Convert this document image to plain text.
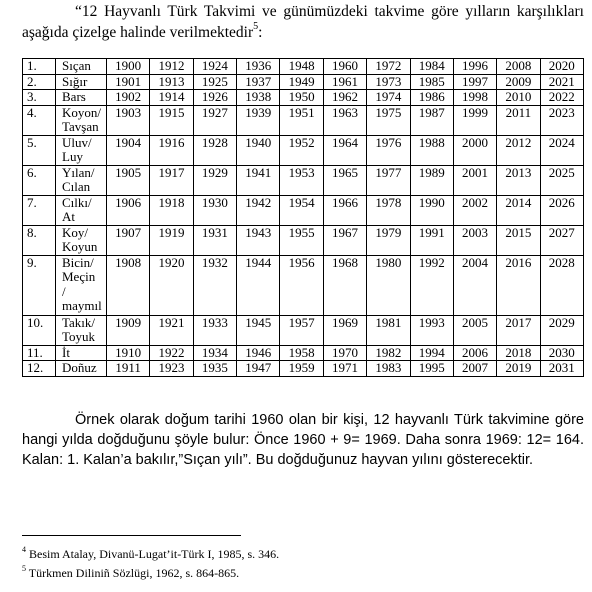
“12 Hayvanlı Türk Takvimi ve günümüzdeki takvime göre yılların karşılıkları aşağıda çizelge halinde verilmektedir$^5$:

1.	Sıçan	1900	1912	1924	1936	1948	1960	1972	1984	1996	2008	2020
2.	Sığır	1901	1913	1925	1937	1949	1961	1973	1985	1997	2009	2021
3.	Bars	1902	1914	1926	1938	1950	1962	1974	1986	1998	2010	2022
4.	Koyon/
Tavşan	1903	1915	1927	1939	1951	1963	1975	1987	1999	2011	2023
5.	Uluv/
Luy	1904	1916	1928	1940	1952	1964	1976	1988	2000	2012	2024
6.	Yılan/
Cılan	1905	1917	1929	1941	1953	1965	1977	1989	2001	2013	2025
7.	Cılkı/
At	1906	1918	1930	1942	1954	1966	1978	1990	2002	2014	2026
8.	Koy/
Koyun	1907	1919	1931	1943	1955	1967	1979	1991	2003	2015	2027
9.	Bicin/
Meçin
/
maymıl	1908	1920	1932	1944	1956	1968	1980	1992	2004	2016	2028
10.	Takık/
Toyuk	1909	1921	1933	1945	1957	1969	1981	1993	2005	2017	2029
11.	İt	1910	1922	1934	1946	1958	1970	1982	1994	2006	2018	2030
12.	Doñuz	1911	1923	1935	1947	1959	1971	1983	1995	2007	2019	2031

Örnek olarak doğum tarihi 1960 olan bir kişi, 12 hayvanlı Türk takvimine göre hangi yılda doğduğunu şöyle bulur: Önce 1960 + 9= 1969. Daha sonra 1969: 12= 164. Kalan: 1. Kalan’a bakılır,”Sıçan yılı”. Bu doğduğunuz hayvan yılını gösterecektir.

$^4$ Besim Atalay, Divanü-Lugat’it-Türk I, 1985, s. 346.
$^5$ Türkmen Diliniñ Sözlügi, 1962, s. 864-865.
